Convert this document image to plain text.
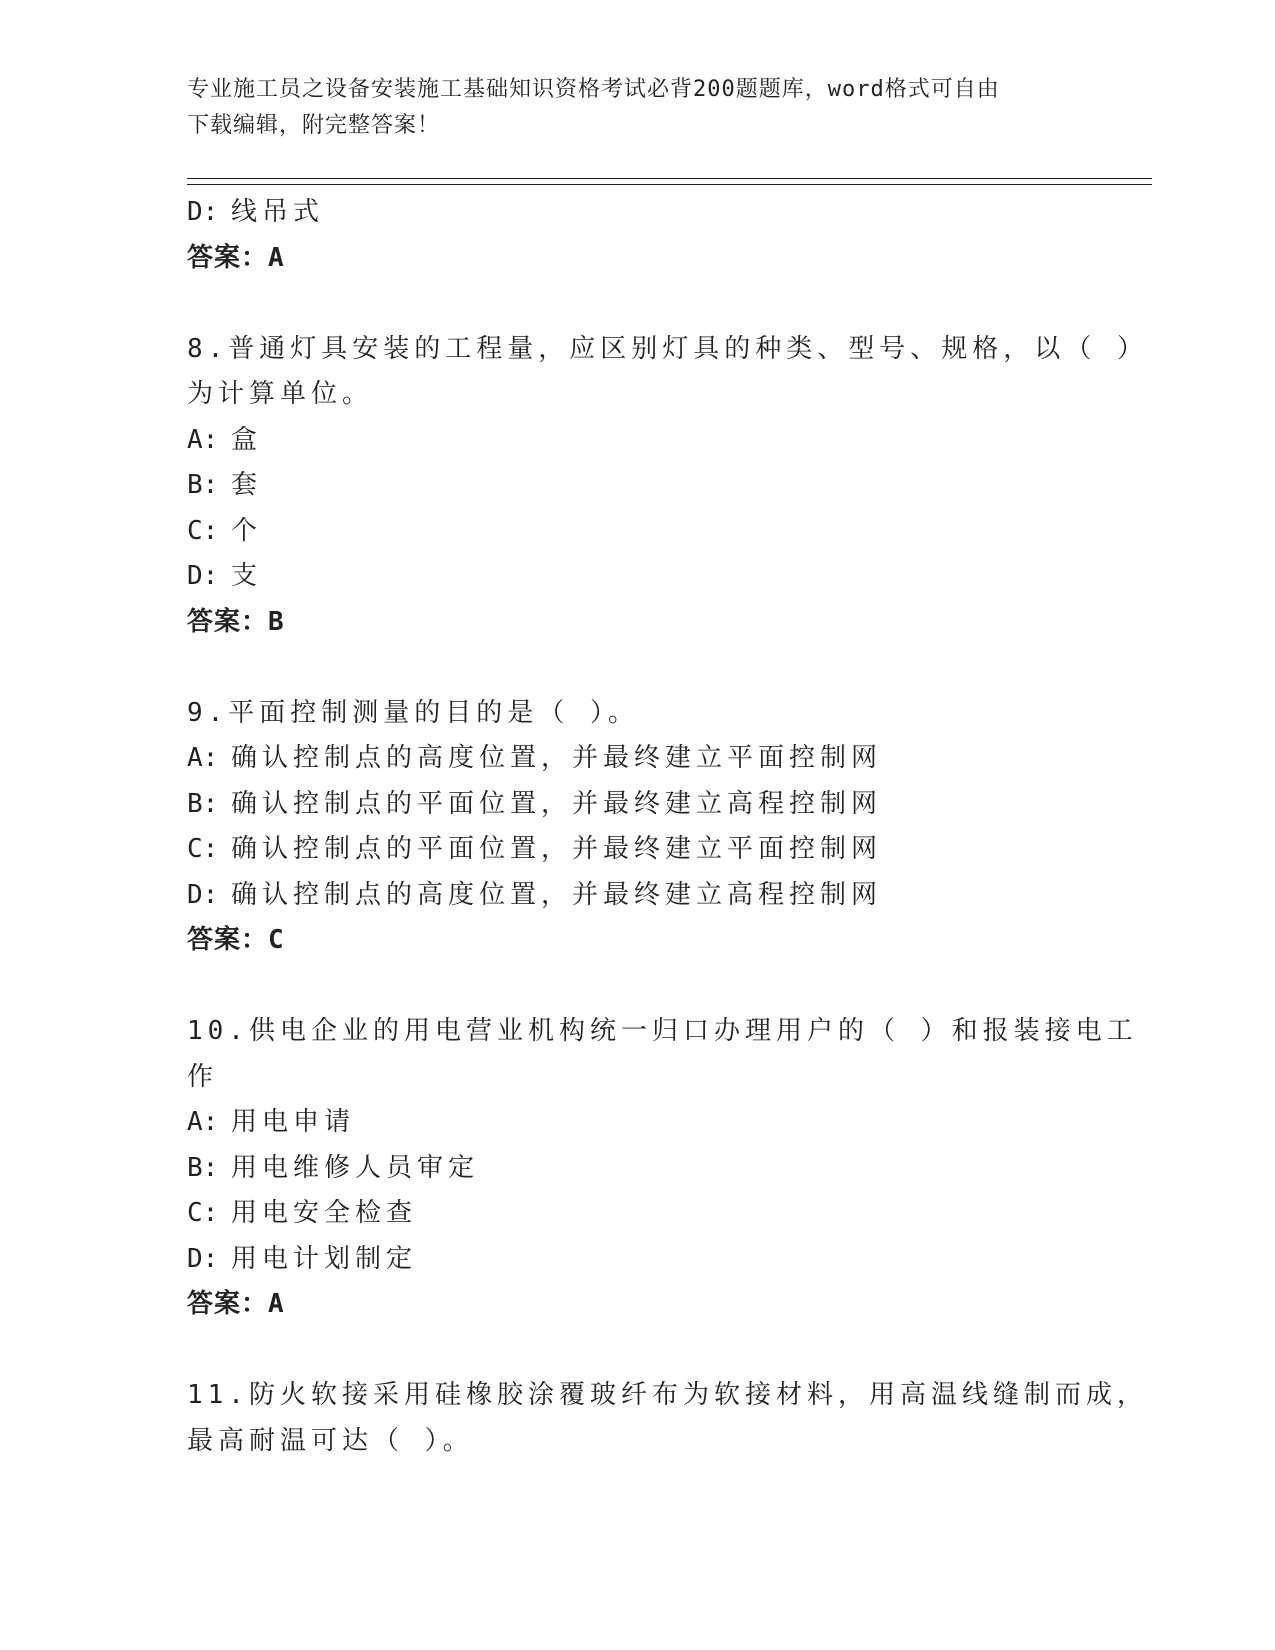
专业施工员之设备安装施工基础知识资格考试必背200题题库，word格式可自由
下载编辑，附完整答案！
D: 线吊式
答案：A
8.普通灯具安装的工程量，应区别灯具的种类、型号、规格，以（ ）
为计算单位。
A: 盒
B: 套
C: 个
D: 支
答案：B
9.平面控制测量的目的是（ ）。
A: 确认控制点的高度位置，并最终建立平面控制网
B: 确认控制点的平面位置，并最终建立高程控制网
C: 确认控制点的平面位置，并最终建立平面控制网
D: 确认控制点的高度位置，并最终建立高程控制网
答案：C
10.供电企业的用电营业机构统一归口办理用户的（ ）和报装接电工
作
A: 用电申请
B: 用电维修人员审定
C: 用电安全检查
D: 用电计划制定
答案：A
11.防火软接采用硅橡胶涂覆玻纤布为软接材料，用高温线缝制而成，
最高耐温可达（ ）。
